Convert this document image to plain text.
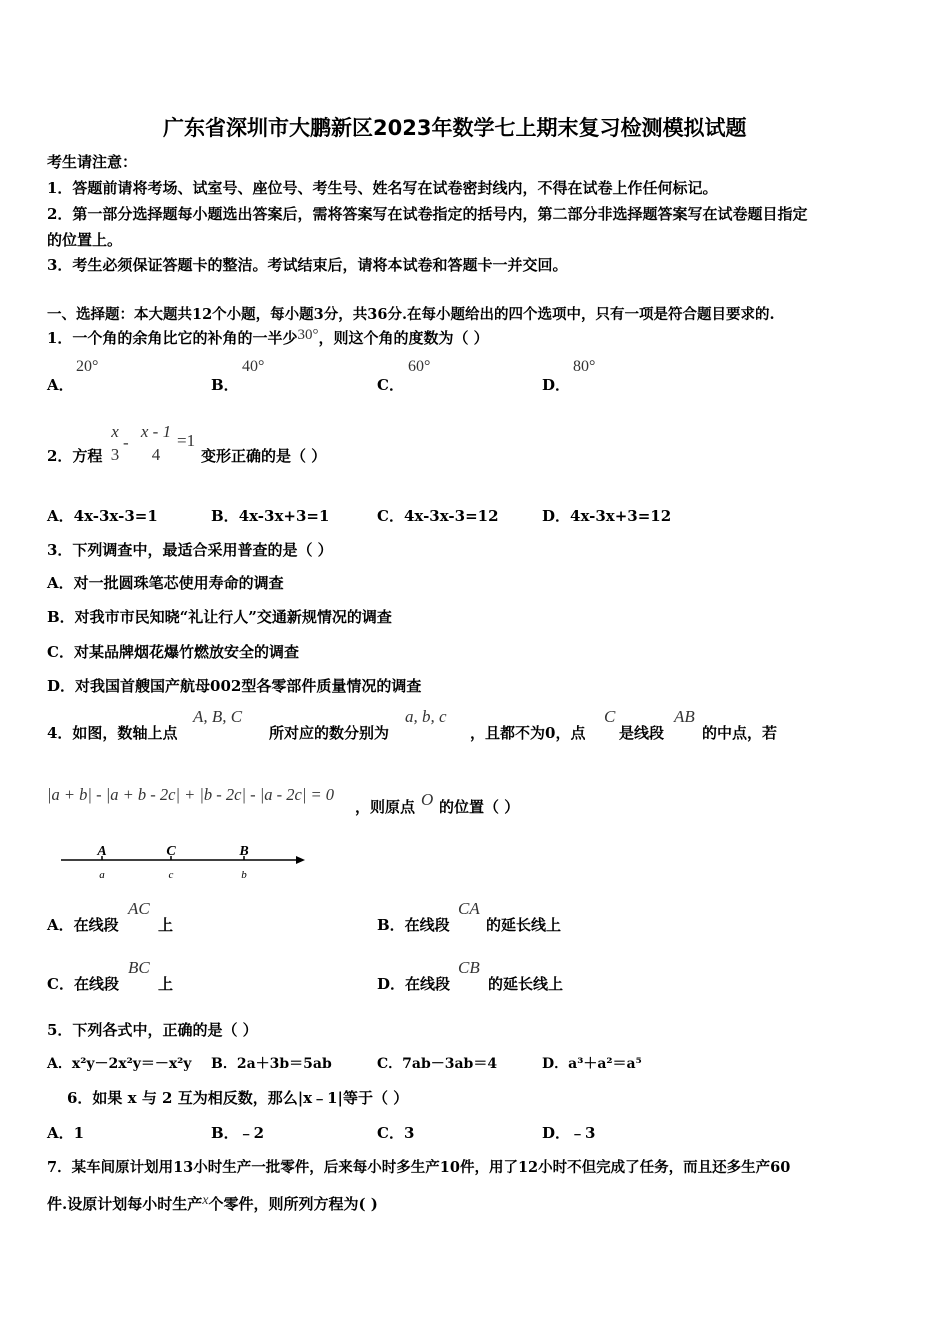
广东省深圳市大鹏新区2023年数学七上期末复习检测模拟试题
考生请注意：
1．答题前请将考场、试室号、座位号、考生号、姓名写在试卷密封线内，不得在试卷上作任何标记。
2．第一部分选择题每小题选出答案后，需将答案写在试卷指定的括号内，第二部分非选择题答案写在试卷题目指定
的位置上。
3．考生必须保证答题卡的整洁。考试结束后，请将本试卷和答题卡一并交回。
一、选择题：本大题共12个小题，每小题3分，共36分.在每小题给出的四个选项中，只有一项是符合题目要求的.
1．一个角的余角比它的补角的一半少30°，则这个角的度数为（ ）
A．
20°
B．
40°
C．
60°
D．
80°
2．方程
x
3
-
x - 1
4
=1
变形正确的是（ ）
A．4x-3x-3=1	B．4x-3x+3=1	C．4x-3x-3=12	D．4x-3x+3=12
3．下列调查中，最适合采用普查的是（ ）
A．对一批圆珠笔芯使用寿命的调查
B．对我市市民知晓“礼让行人”交通新规情况的调查
C．对某品牌烟花爆竹燃放安全的调查
D．对我国首艘国产航母002型各零部件质量情况的调查
4．如图，数轴上点
A, B, C
所对应的数分别为
a, b, c
，且都不为0，点
C
是线段
AB
的中点，若
|a + b| - |a + b - 2c| + |b - 2c| - |a - 2c| = 0
，则原点 O 的位置（ ）
A	C	B
a	c	b
A．在线段
AC
上	B．在线段
CA
的延长线上
C．在线段
BC
上	D．在线段
CB
的延长线上
5．下列各式中，正确的是（ ）
A．x²y－2x²y＝－x²y B．2a＋3b＝5ab	C．7ab－3ab＝4	D．a³＋a²＝a⁵
6．如果 x 与 2 互为相反数，那么|x﹣1|等于（ ）
A．1	B．﹣2	C．3	D．﹣3
7．某车间原计划用13小时生产一批零件，后来每小时多生产10件，用了12小时不但完成了任务，而且还多生产60
件.设原计划每小时生产x个零件，则所列方程为( )
